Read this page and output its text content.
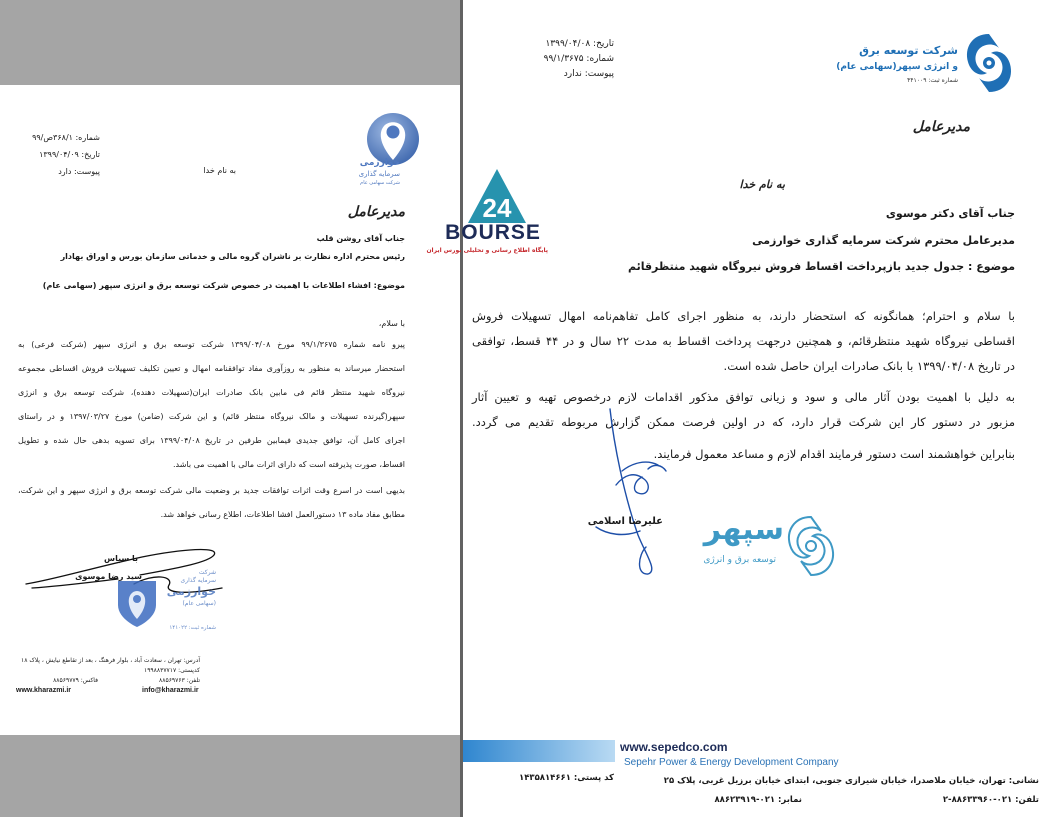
شماره: ۳۶۸/۱ص/۹۹
تاریخ: ۱۳۹۹/۰۴/۰۹
پیوست: دارد	به نام خدا
خوارزمی
سرمایه گذاری
شرکت سهامی عام
مدیرعامل
جناب آقای روشن قلب
رئیس محترم اداره نظارت بر ناشران گروه مالی و خدماتی سازمان بورس و اوراق بهادار
موضوع: افشاء اطلاعات با اهمیت در خصوص شرکت توسعه برق و انرژی سپهر (سهامی عام)
با سلام،
پیرو نامه شماره ۹۹/۱/۳۶۷۵ مورخ ۱۳۹۹/۰۴/۰۸ شرکت توسعه برق و انرژی سپهر (شرکت فرعی) به
استحضار میرساند به منظور به روزآوری مفاد توافقنامه امهال و تعیین تکلیف تسهیلات فروش اقساطی مجموعه
نیروگاه شهید منتظر قائم فی مابین بانک صادرات ایران(تسهیلات دهنده)، شرکت توسعه برق و انرژی
سپهر(گیرنده تسهیلات و مالک نیروگاه منتظر قائم) و این شرکت (ضامن) مورخ ۱۳۹۷/۰۳/۲۷ و در راستای
اجرای کامل آن، توافق جدیدی فیمابین طرفین در تاریخ ۱۳۹۹/۰۴/۰۸ برای تسویه بدهی حال شده و تطویل
اقساط، صورت پذیرفته است که دارای اثرات مالی با اهمیت می باشد.
بدیهی است در اسرع وقت اثرات توافقات جدید بر وضعیت مالی شرکت توسعه برق و انرژی سپهر و این شرکت،
مطابق مفاد ماده ۱۳ دستورالعمل افشا اطلاعات، اطلاع رسانی خواهد شد.
با سپاس
سید رضا موسوی	شرکت
سرمایه گذاری
خوارزمی
(سهامی عام)
شماره ثبت: ۱۴۱۰۲۲
آدرس: تهران ، سعادت آباد ، بلوار فرهنگ ، بعد از تقاطع نیایش ، پلاک ۱۸
کدپستی: ۱۹۹۸۸۳۷۷۱۷
تلفن: ۸۸۵۶۹۷۶۳
فاکس: ۸۸۵۶۹۷۷۹
info@kharazmi.ir
www.kharazmi.ir
شرکت توسعه برق
و انرژی سپهر(سهامی عام)
شماره ثبت: ۴۴۱۰۰۹
تاریخ: ۱۳۹۹/۰۴/۰۸
شماره: ۹۹/۱/۳۶۷۵
پیوست: ندارد
مدیرعامل
به نام خدا
جناب آقای دکتر موسوی
مدیرعامل محترم شرکت سرمایه گذاری خوارزمی
موضوع : جدول جدید بازپرداخت اقساط فروش نیروگاه شهید منتظرقائم
با سلام و احترام؛ همانگونه که استحضار دارند، به منظور اجرای کامل تفاهم‌نامه امهال تسهیلات فروش
اقساطی نیروگاه شهید منتظرقائم، و همچنین درجهت پرداخت اقساط به مدت ۲۲ سال و در ۴۴ قسط، توافقی
در تاریخ ۱۳۹۹/۰۴/۰۸ با بانک صادرات ایران حاصل شده است.
به دلیل با اهمیت بودن آثار مالی و سود و زیانی توافق مذکور اقدامات لازم درخصوص تهیه و تعیین آثار
مزبور در دستور کار این شرکت قرار دارد، که در اولین فرصت ممکن گزارش مربوطه تقدیم می گردد.
بنابراین خواهشمند است دستور فرمایند اقدام لازم و مساعد معمول فرمایند.
سپهر
توسعه برق و انرژی
علیرضا اسلامی
www.sepedco.com
Sepehr Power & Energy Development Company
نشانی: تهران، خیابان ملاصدرا، خیابان شیرازی جنوبی، ابتدای خیابان برزیل غربی، پلاک ۲۵
کد پستی: ۱۴۳۵۸۱۴۶۶۱
تلفن: ۰۲۱-۸۸۶۳۳۹۶۰-۲
نمابر: ۰۲۱-۸۸۶۲۳۹۱۹
24
BOURSE
پایگاه اطلاع رسانی و تحلیلی بورس ایران
